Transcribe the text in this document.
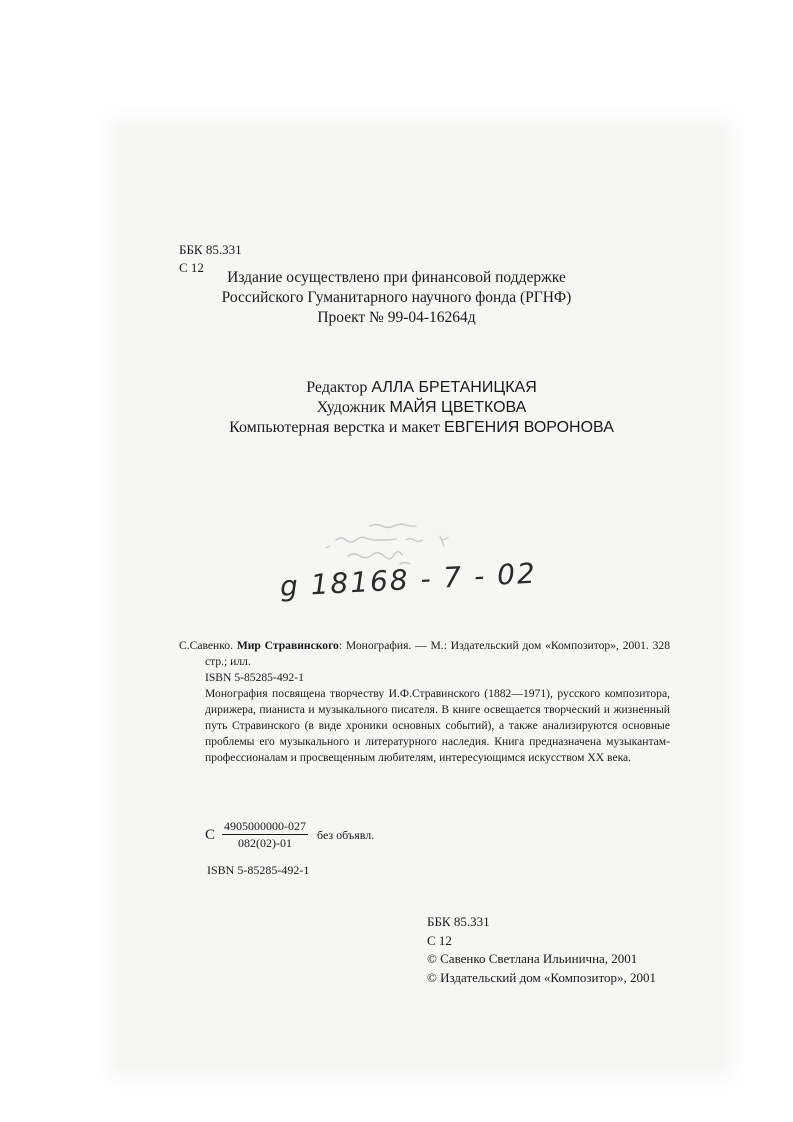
ББК 85.331
С 12
Издание осуществлено при финансовой поддержке
Российского Гуманитарного научного фонда (РГНФ)
Проект № 99-04-16264д
Редактор АЛЛА БРЕТАНИЦКАЯ
Художник МАЙЯ ЦВЕТКОВА
Компьютерная верстка и макет ЕВГЕНИЯ ВОРОНОВА
g 18168 - 7 - 02
С.Савенко. Мир Стравинского: Монография. — М.: Издательский дом «Композитор», 2001. 328 стр.; илл.
ISBN 5-85285-492-1
Монография посвящена творчеству И.Ф.Стравинского (1882—1971), русского композитора, дирижера, пианиста и музыкального писателя. В книге освещается творческий и жизненный путь Стравинского (в виде хроники основных событий), а также анализируются основные проблемы его музыкального и литературного наследия. Книга предназначена музыкантам-профессионалам и просвещенным любителям, интересующимся искусством XX века.
С $\frac{4905000000-027}{082(02)-01}$ без объявл.
ISBN 5-85285-492-1
ББК 85.331
С 12
© Савенко Светлана Ильинична, 2001
© Издательский дом «Композитор», 2001
